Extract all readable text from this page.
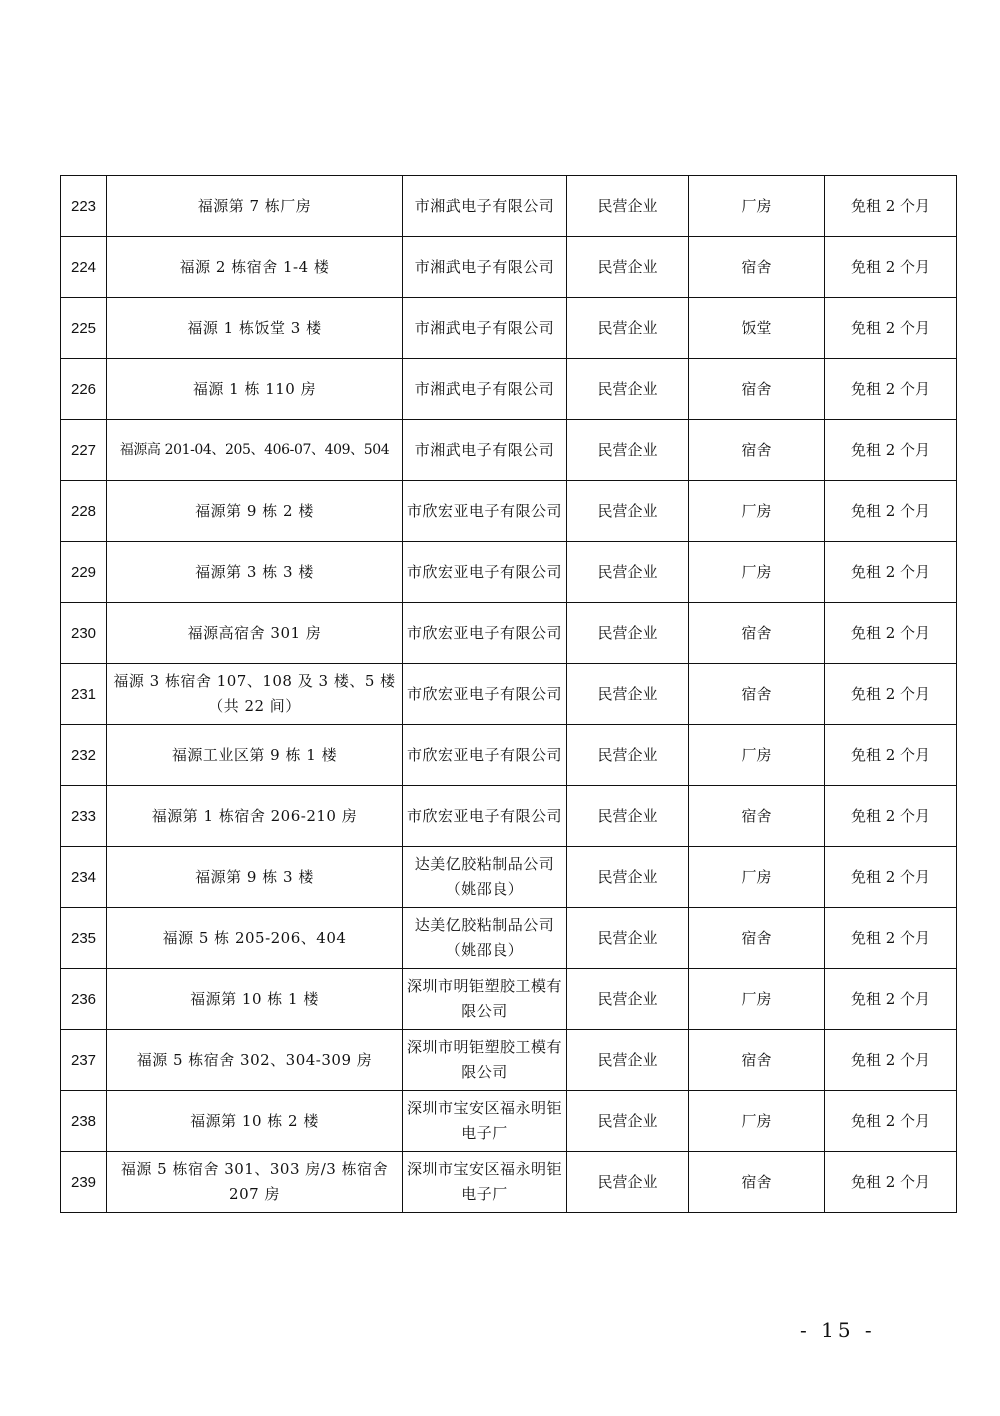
223	福源第 7 栋厂房	市湘武电子有限公司	民营企业	厂房	免租 2 个月
224	福源 2 栋宿舍 1-4 楼	市湘武电子有限公司	民营企业	宿舍	免租 2 个月
225	福源 1 栋饭堂 3 楼	市湘武电子有限公司	民营企业	饭堂	免租 2 个月
226	福源 1 栋 110 房	市湘武电子有限公司	民营企业	宿舍	免租 2 个月
227	福源高 201-04、205、406-07、409、504	市湘武电子有限公司	民营企业	宿舍	免租 2 个月
228	福源第 9 栋 2 楼	市欣宏亚电子有限公司	民营企业	厂房	免租 2 个月
229	福源第 3 栋 3 楼	市欣宏亚电子有限公司	民营企业	厂房	免租 2 个月
230	福源高宿舍 301 房	市欣宏亚电子有限公司	民营企业	宿舍	免租 2 个月
231	福源 3 栋宿舍 107、108 及 3 楼、5 楼（共 22 间）	市欣宏亚电子有限公司	民营企业	宿舍	免租 2 个月
232	福源工业区第 9 栋 1 楼	市欣宏亚电子有限公司	民营企业	厂房	免租 2 个月
233	福源第 1 栋宿舍 206-210 房	市欣宏亚电子有限公司	民营企业	宿舍	免租 2 个月
234	福源第 9 栋 3 楼	达美亿胶粘制品公司（姚邵良）	民营企业	厂房	免租 2 个月
235	福源 5 栋 205-206、404	达美亿胶粘制品公司（姚邵良）	民营企业	宿舍	免租 2 个月
236	福源第 10 栋 1 楼	深圳市明钜塑胶工模有限公司	民营企业	厂房	免租 2 个月
237	福源 5 栋宿舍 302、304-309 房	深圳市明钜塑胶工模有限公司	民营企业	宿舍	免租 2 个月
238	福源第 10 栋 2 楼	深圳市宝安区福永明钜电子厂	民营企业	厂房	免租 2 个月
239	福源 5 栋宿舍 301、303 房/3 栋宿舍 207 房	深圳市宝安区福永明钜电子厂	民营企业	宿舍	免租 2 个月
- 15 -
